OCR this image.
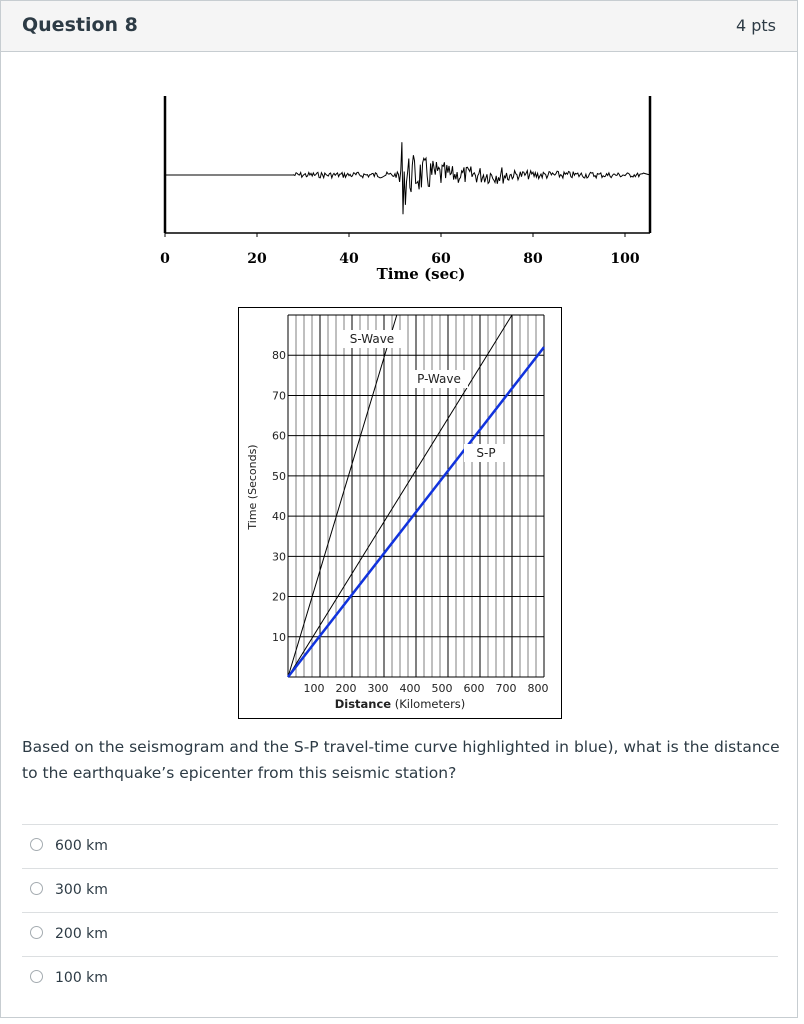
Question 8	4 pts
0	20	40	60	80	100
Time (sec)
S-Wave
P-Wave
S-P
10
20
30
40
50
60
70
80
100 200 300 400 500 600 700 800
Time (Seconds)
Distance (Kilometers)
Based on the seismogram and the S-P travel-time curve highlighted in blue), what is the distance to the earthquake’s epicenter from this seismic station?
600 km
300 km
200 km
100 km
